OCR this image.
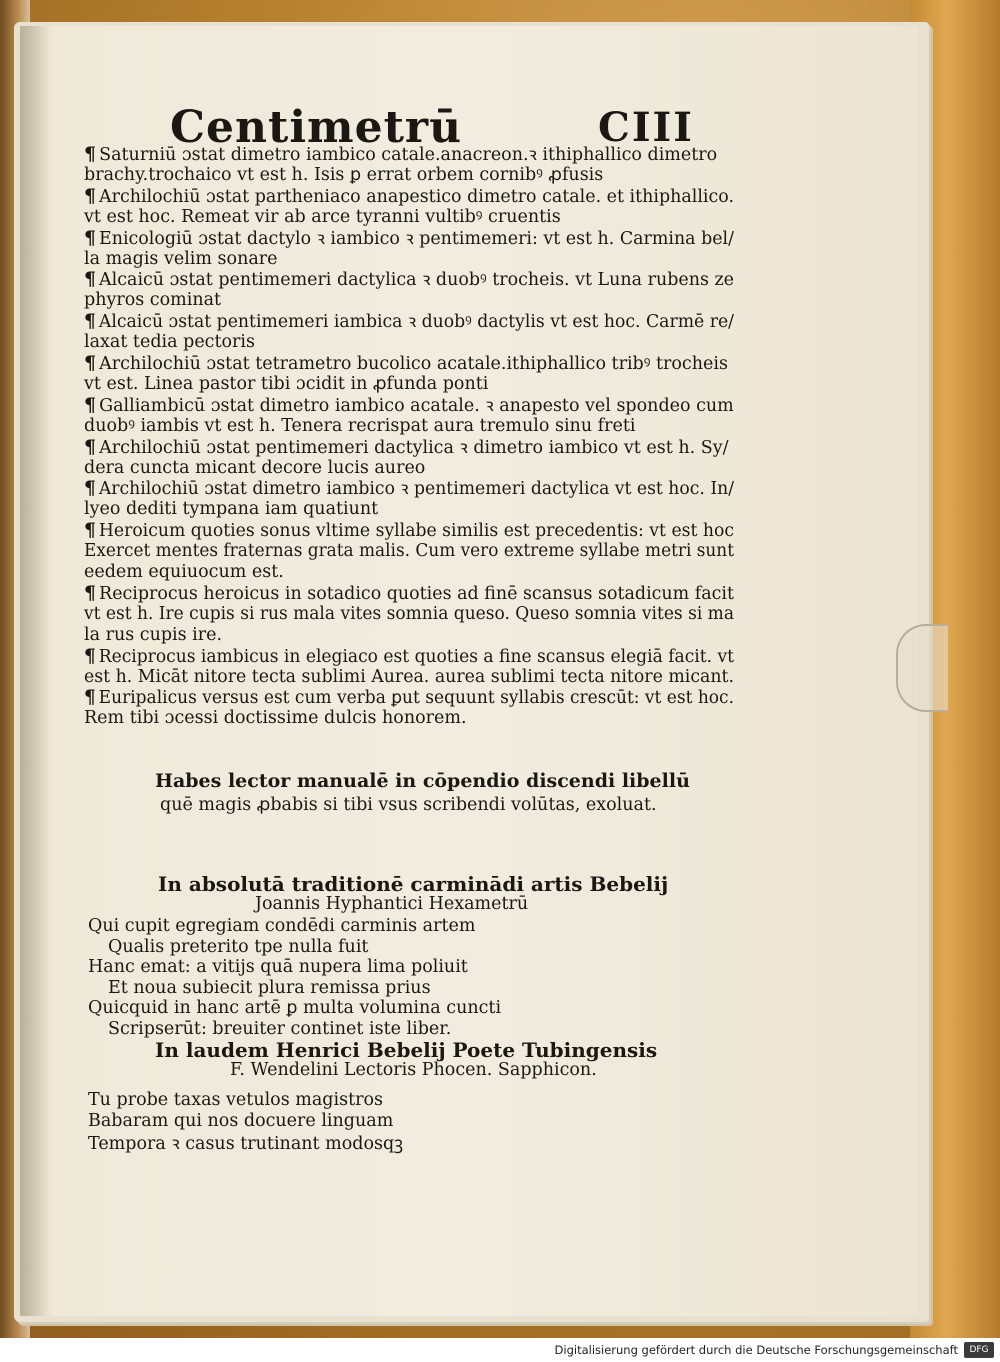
Centimetrū	CIII
¶ Saturniū ɔstat dimetro iambico catale.anacreon.ꝛ ithiphallico dimetro
brachy.trochaico vt est h. Isis ꝑ errat orbem cornibꝰ ꝓfusis
¶ Archilochiū ɔstat partheniaco anapestico dimetro catale. et ithiphallico.
vt est hoc. Remeat vir ab arce tyranni vultibꝰ cruentis
¶ Enicologiū ɔstat dactylo ꝛ iambico ꝛ pentimemeri: vt est h. Carmina bel/
la magis velim sonare
¶ Alcaicū ɔstat pentimemeri dactylica ꝛ duobꝰ trocheis. vt Luna rubens ze
phyros cominat
¶ Alcaicū ɔstat pentimemeri iambica ꝛ duobꝰ dactylis vt est hoc. Carmē re/
laxat tedia pectoris
¶ Archilochiū ɔstat tetrametro bucolico acatale.ithiphallico tribꝰ trocheis
vt est. Linea pastor tibi ɔcidit in ꝓfunda ponti
¶ Galliambicū ɔstat dimetro iambico acatale. ꝛ anapesto vel spondeo cum
duobꝰ iambis vt est h. Tenera recrispat aura tremulo sinu freti
¶ Archilochiū ɔstat pentimemeri dactylica ꝛ dimetro iambico vt est h. Sy/
dera cuncta micant decore lucis aureo
¶ Archilochiū ɔstat dimetro iambico ꝛ pentimemeri dactylica vt est hoc. In/
lyeo dediti tympana iam quatiunt
¶ Heroicum quoties sonus vltime syllabe similis est precedentis: vt est hoc
Exercet mentes fraternas grata malis. Cum vero extreme syllabe metri sunt
eedem equiuocum est.
¶ Reciprocus heroicus in sotadico quoties ad finē scansus sotadicum facit
vt est h. Ire cupis si rus mala vites somnia queso. Queso somnia vites si ma
la rus cupis ire.
¶ Reciprocus iambicus in elegiaco est quoties a fine scansus elegiā facit. vt
est h. Micāt nitore tecta sublimi Aurea. aurea sublimi tecta nitore micant.
¶ Euripalicus versus est cum verba ꝑut sequunt syllabis crescūt: vt est hoc.
Rem tibi ɔcessi doctissime dulcis honorem.
Habes lector manualē in cōpendio discendi libellū
quē magis ꝓbabis si tibi vsus scribendi volūtas, exoluat.
In absolutā traditionē carminādi artis Bebelij
Joannis Hyphantici Hexametrū
Qui cupit egregiam condēdi carminis artem
Qualis preterito tpe nulla fuit
Hanc emat: a vitijs quā nupera lima poliuit
Et noua subiecit plura remissa prius
Quicquid in hanc artē ꝑ multa volumina cuncti
Scripserūt: breuiter continet iste liber.
In laudem Henrici Bebelij Poete Tubingensis
F. Wendelini Lectoris Phocen. Sapphicon.
Tu probe taxas vetulos magistros
Babaram qui nos docuere linguam
Tempora ꝛ casus trutinant modosqꝫ
Digitalisierung gefördert durch die Deutsche Forschungsgemeinschaft	DFG
